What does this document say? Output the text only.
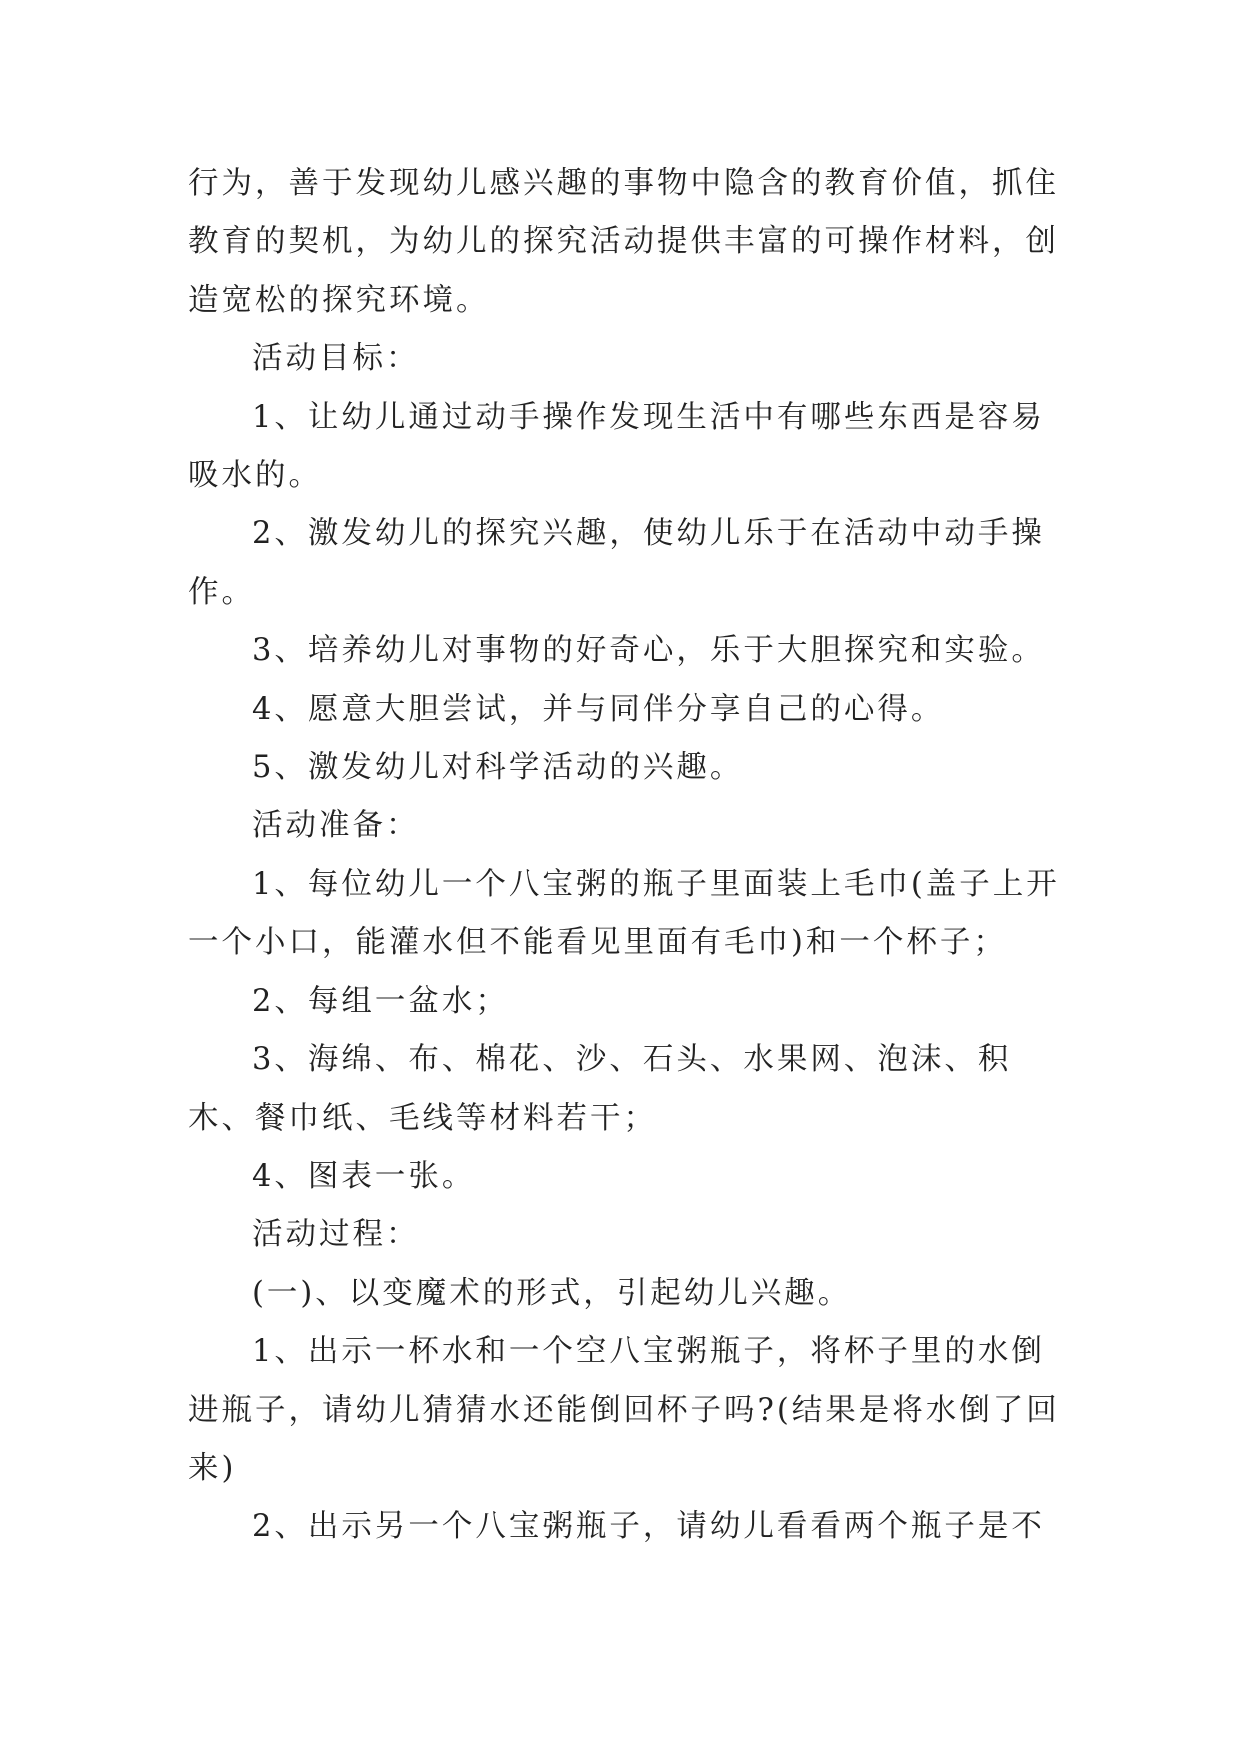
行为，善于发现幼儿感兴趣的事物中隐含的教育价值，抓住教育的契机，为幼儿的探究活动提供丰富的可操作材料，创造宽松的探究环境。

活动目标：

1、让幼儿通过动手操作发现生活中有哪些东西是容易吸水的。

2、激发幼儿的探究兴趣，使幼儿乐于在活动中动手操作。

3、培养幼儿对事物的好奇心，乐于大胆探究和实验。

4、愿意大胆尝试，并与同伴分享自己的心得。

5、激发幼儿对科学活动的兴趣。

活动准备：

1、每位幼儿一个八宝粥的瓶子里面装上毛巾(盖子上开一个小口，能灌水但不能看见里面有毛巾)和一个杯子；

2、每组一盆水；

3、海绵、布、棉花、沙、石头、水果网、泡沫、积木、餐巾纸、毛线等材料若干；

4、图表一张。

活动过程：

(一)、以变魔术的形式，引起幼儿兴趣。

1、出示一杯水和一个空八宝粥瓶子，将杯子里的水倒进瓶子，请幼儿猜猜水还能倒回杯子吗?(结果是将水倒了回来)

2、出示另一个八宝粥瓶子，请幼儿看看两个瓶子是不
